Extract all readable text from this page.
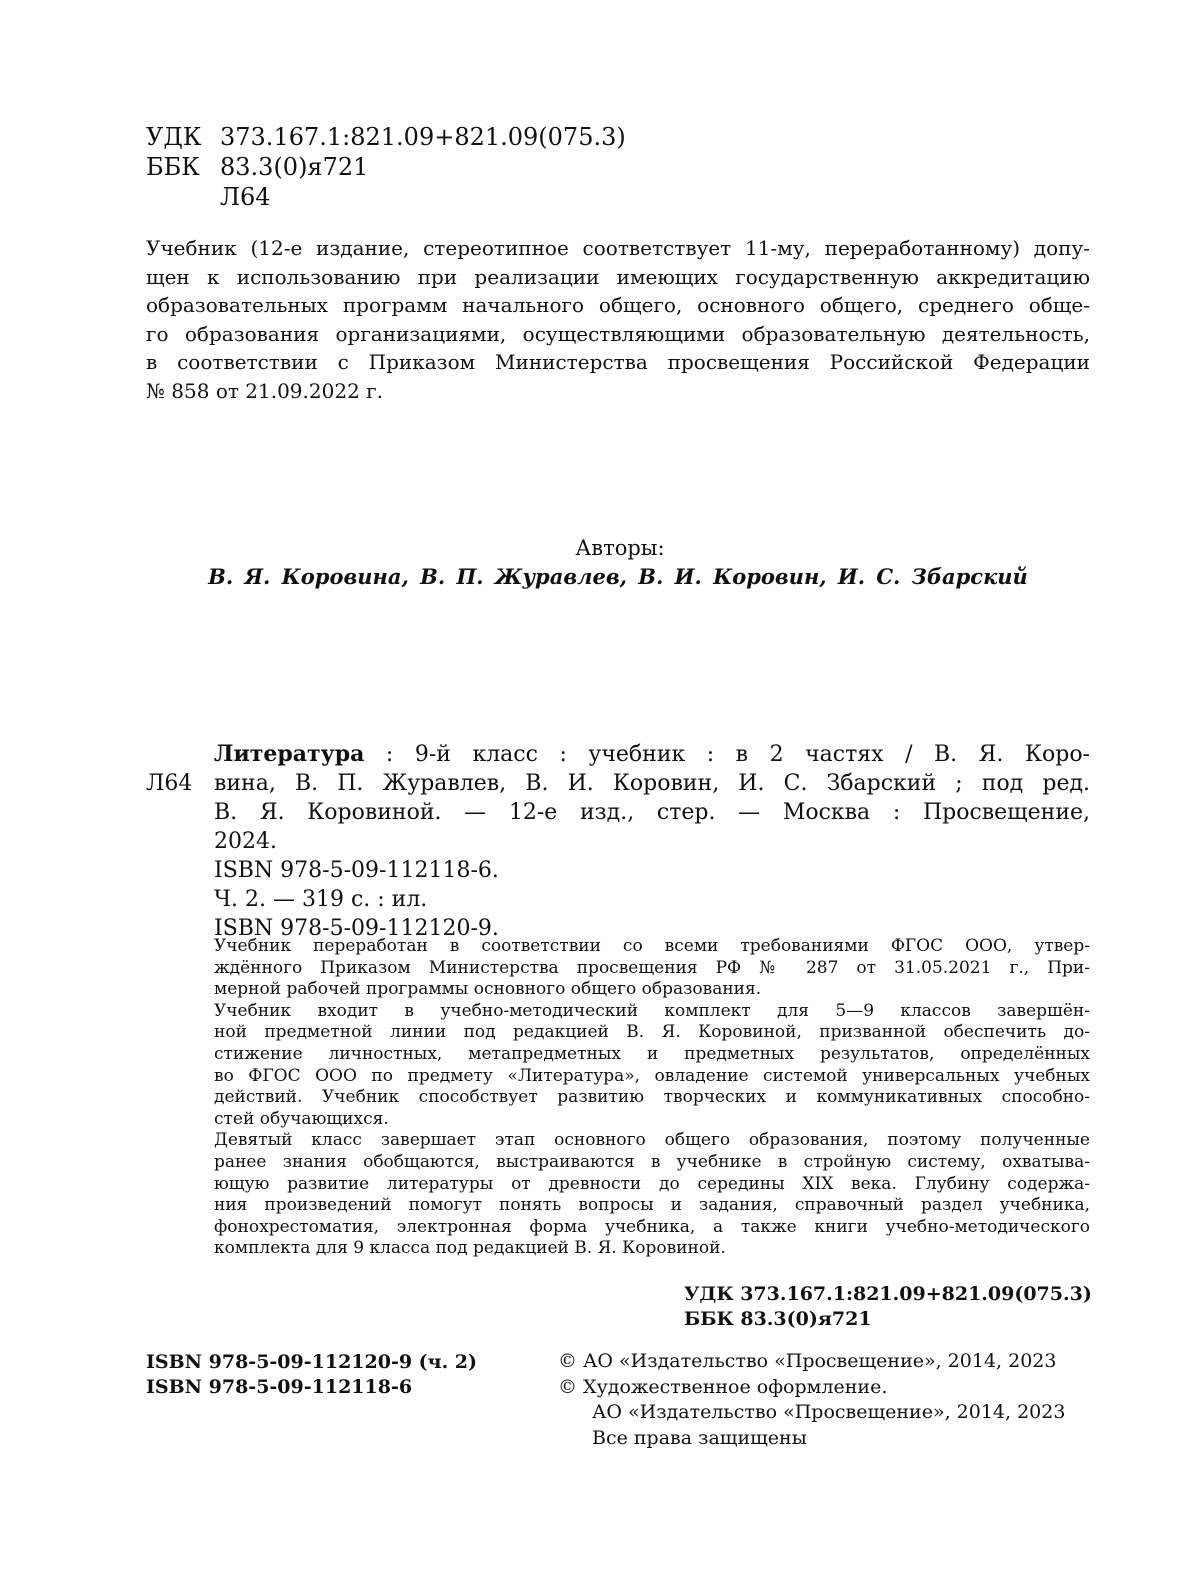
УДК 373.167.1:821.09+821.09(075.3)
ББК 83.3(0)я721
Л64
Учебник (12-е издание, стереотипное соответствует 11-му, переработанному) допу-
щен к использованию при реализации имеющих государственную аккредитацию
образовательных программ начального общего, основного общего, среднего обще-
го образования организациями, осуществляющими образовательную деятельность,
в соответствии с Приказом Министерства просвещения Российской Федерации
№ 858 от 21.09.2022 г.
Авторы:
В. Я. Коровина, В. П. Журавлев, В. И. Коровин, И. С. Збарский
Л64
Литература : 9-й класс : учебник : в 2 частях / В. Я. Коро-
вина, В. П. Журавлев, В. И. Коровин, И. С. Збарский ; под ред.
В. Я. Коровиной. — 12-е изд., стер. — Москва : Просвещение,
2024.
ISBN 978-5-09-112118-6.
Ч. 2. — 319 с. : ил.
ISBN 978-5-09-112120-9.
Учебник переработан в соответствии со всеми требованиями ФГОС ООО, утвер-
ждённого Приказом Министерства просвещения РФ № 287 от 31.05.2021 г., При-
мерной рабочей программы основного общего образования.
Учебник входит в учебно-методический комплект для 5—9 классов завершён-
ной предметной линии под редакцией В. Я. Коровиной, призванной обеспечить до-
стижение личностных, метапредметных и предметных результатов, определённых
во ФГОС ООО по предмету «Литература», овладение системой универсальных учебных
действий. Учебник способствует развитию творческих и коммуникативных способно-
стей обучающихся.
Девятый класс завершает этап основного общего образования, поэтому полученные
ранее знания обобщаются, выстраиваются в учебнике в стройную систему, охватыва-
ющую развитие литературы от древности до середины XIX века. Глубину содержа-
ния произведений помогут понять вопросы и задания, справочный раздел учебника,
фонохрестоматия, электронная форма учебника, а также книги учебно-методического
комплекта для 9 класса под редакцией В. Я. Коровиной.
УДК 373.167.1:821.09+821.09(075.3)
ББК 83.3(0)я721
ISBN 978-5-09-112120-9 (ч. 2)
ISBN 978-5-09-112118-6
© АО «Издательство «Просвещение», 2014, 2023
© Художественное оформление.
АО «Издательство «Просвещение», 2014, 2023
Все права защищены
